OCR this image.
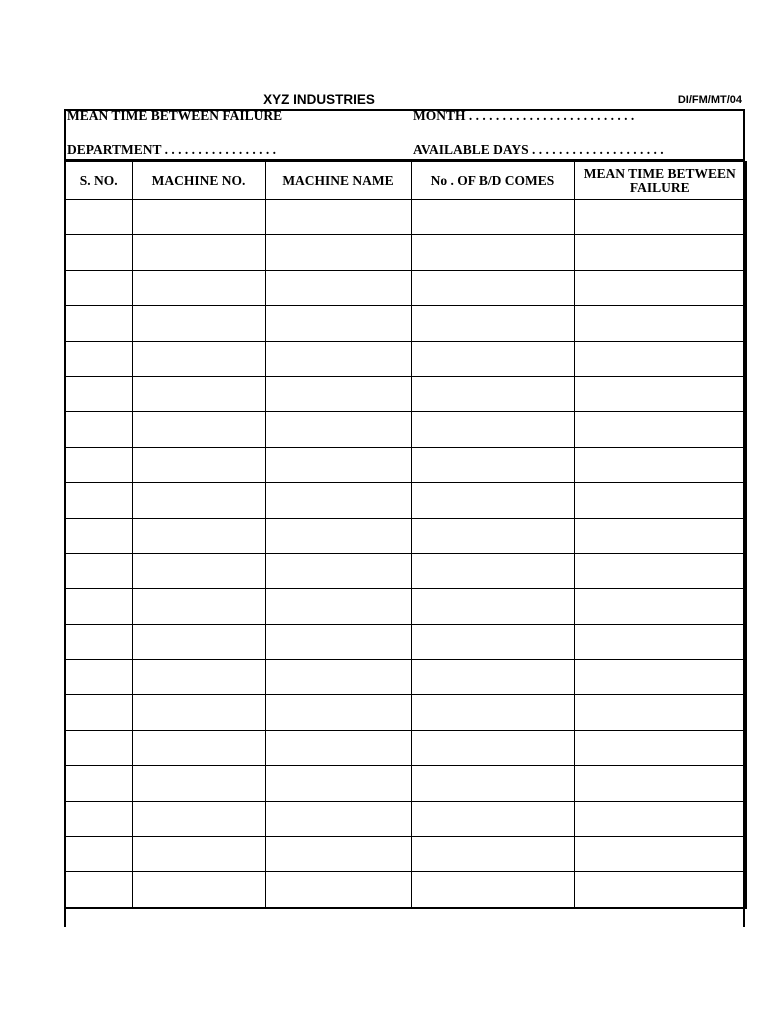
XYZ INDUSTRIES	DI/FM/MT/04
MEAN TIME BETWEEN FAILURE	MONTH . . . . . . . . . . . . . . . . . . . . . . . . .
DEPARTMENT . . . . . . . . . . . . . . . . .	AVAILABLE DAYS . . . . . . . . . . . . . . . . . . . .
S. NO.	MACHINE NO.	MACHINE NAME	No . OF B/D COMES	MEAN TIME BETWEEN FAILURE
